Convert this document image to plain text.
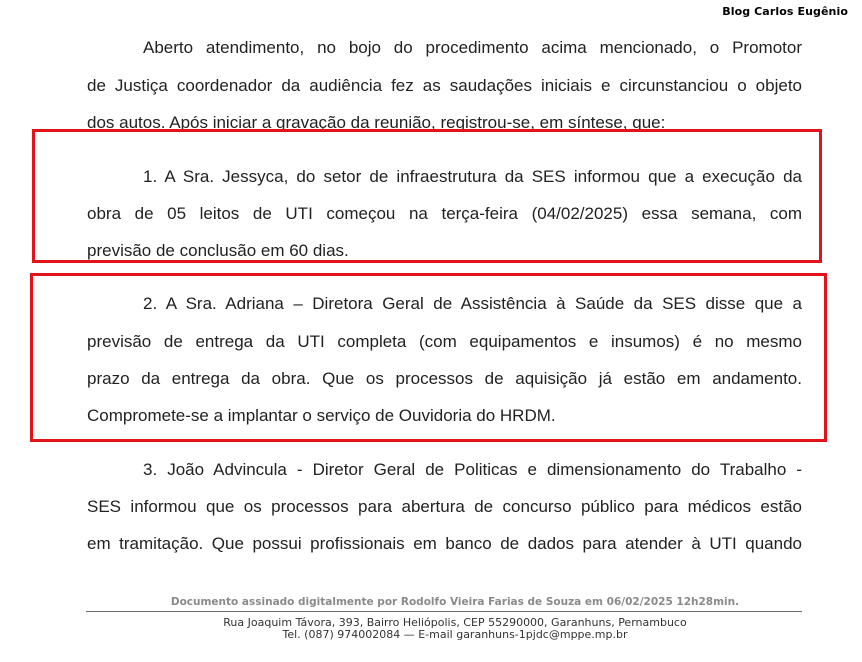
Blog Carlos Eugênio
Aberto atendimento, no bojo do procedimento acima mencionado, o Promotor
de Justiça coordenador da audiência fez as saudações iniciais e circunstanciou o objeto
dos autos. Após iniciar a gravação da reunião, registrou-se, em síntese, que:
1. A Sra. Jessyca, do setor de infraestrutura da SES informou que a execução da
obra de 05 leitos de UTI começou na terça-feira (04/02/2025) essa semana, com
previsão de conclusão em 60 dias.
2. A Sra. Adriana – Diretora Geral de Assistência à Saúde da SES disse que a
previsão de entrega da UTI completa (com equipamentos e insumos) é no mesmo
prazo da entrega da obra. Que os processos de aquisição já estão em andamento.
Compromete-se a implantar o serviço de Ouvidoria do HRDM.
3. João Advincula - Diretor Geral de Politicas e dimensionamento do Trabalho -
SES informou que os processos para abertura de concurso público para médicos estão
em tramitação. Que possui profissionais em banco de dados para atender à UTI quando
Documento assinado digitalmente por Rodolfo Vieira Farias de Souza em 06/02/2025 12h28min.
Rua Joaquim Távora, 393, Bairro Heliópolis, CEP 55290000, Garanhuns, Pernambuco
Tel. (087) 974002084 — E-mail garanhuns-1pjdc@mppe.mp.br
